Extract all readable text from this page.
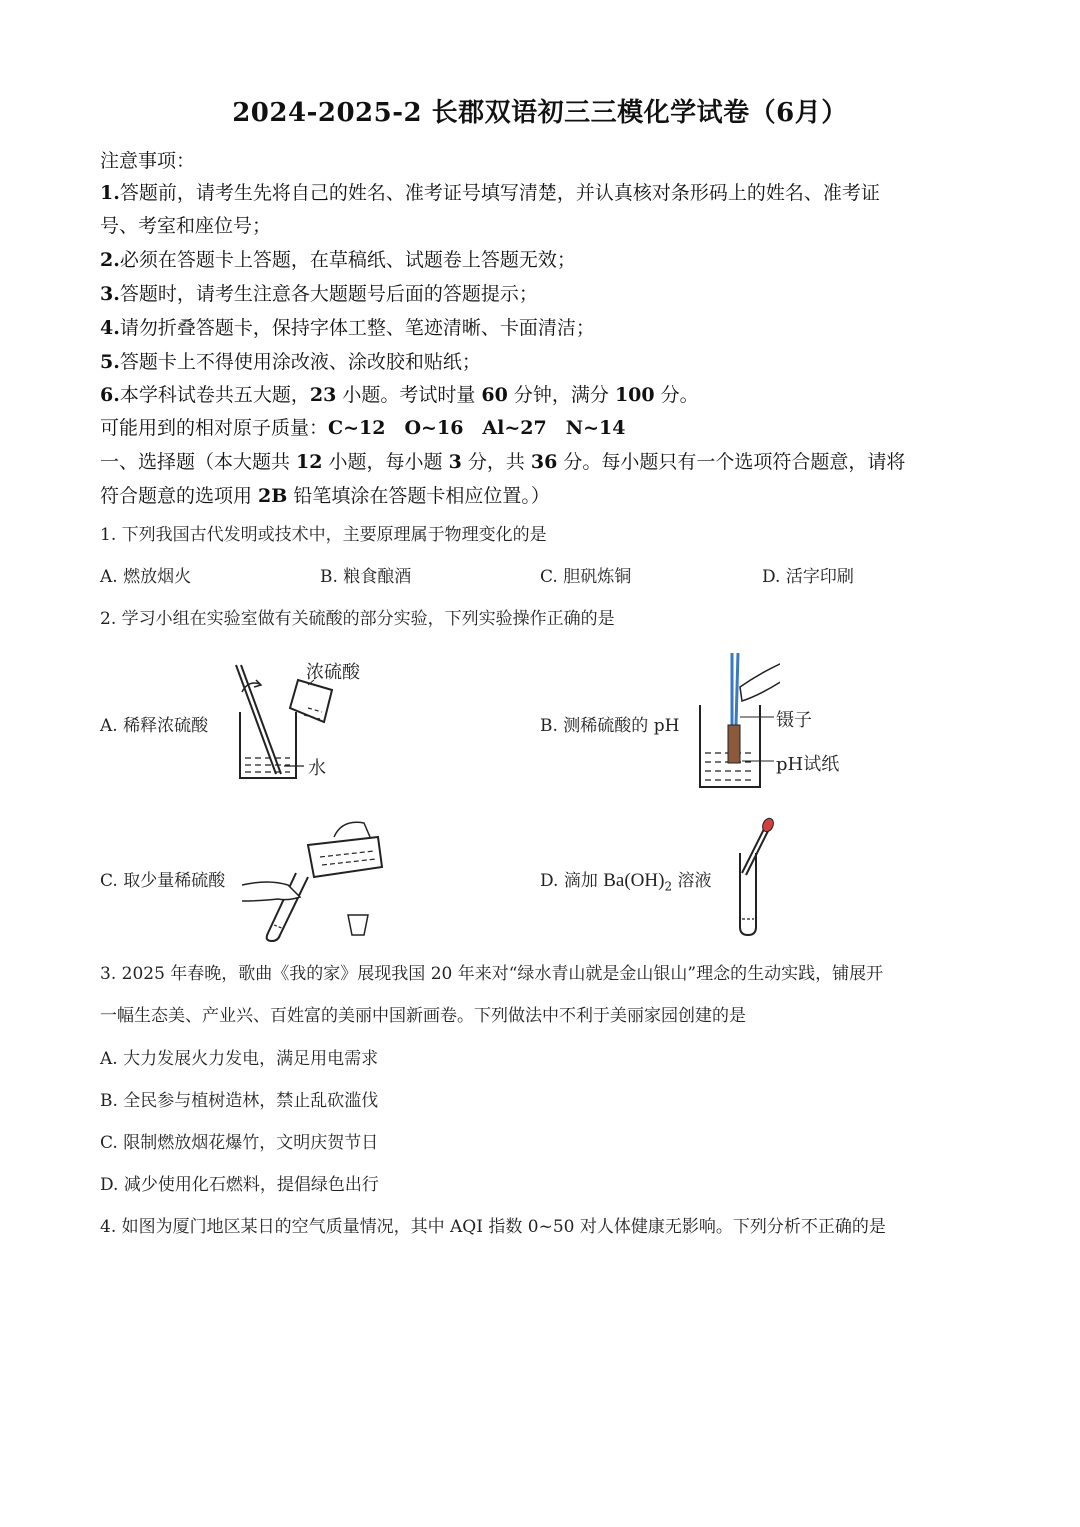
2024-2025-2 长郡双语初三三模化学试卷（6月）
注意事项：
1.答题前，请考生先将自己的姓名、准考证号填写清楚，并认真核对条形码上的姓名、准考证
号、考室和座位号；
2.必须在答题卡上答题，在草稿纸、试题卷上答题无效；
3.答题时，请考生注意各大题题号后面的答题提示；
4.请勿折叠答题卡，保持字体工整、笔迹清晰、卡面清洁；
5.答题卡上不得使用涂改液、涂改胶和贴纸；
6.本学科试卷共五大题，23 小题。考试时量 60 分钟，满分 100 分。
可能用到的相对原子质量：C~12　O~16　Al~27　N~14
一、选择题（本大题共 12 小题，每小题 3 分，共 36 分。每小题只有一个选项符合题意，请将
符合题意的选项用 2B 铅笔填涂在答题卡相应位置。）
1. 下列我国古代发明或技术中，主要原理属于物理变化的是
A. 燃放烟火	B. 粮食酿酒	C. 胆矾炼铜	D. 活字印刷
2. 学习小组在实验室做有关硫酸的部分实验，下列实验操作正确的是
A. 稀释浓硫酸
浓硫酸
水
B. 测稀硫酸的 pH	镊子
pH试纸
C. 取少量稀硫酸	D. 滴加 $Ba(OH)_2$ 溶液
3. 2025 年春晚，歌曲《我的家》展现我国 20 年来对“绿水青山就是金山银山”理念的生动实践，铺展开
一幅生态美、产业兴、百姓富的美丽中国新画卷。下列做法中不利于美丽家园创建的是
A. 大力发展火力发电，满足用电需求
B. 全民参与植树造林，禁止乱砍滥伐
C. 限制燃放烟花爆竹，文明庆贺节日
D. 减少使用化石燃料，提倡绿色出行
4. 如图为厦门地区某日的空气质量情况，其中 AQI 指数 0~50 对人体健康无影响。下列分析不正确的是
